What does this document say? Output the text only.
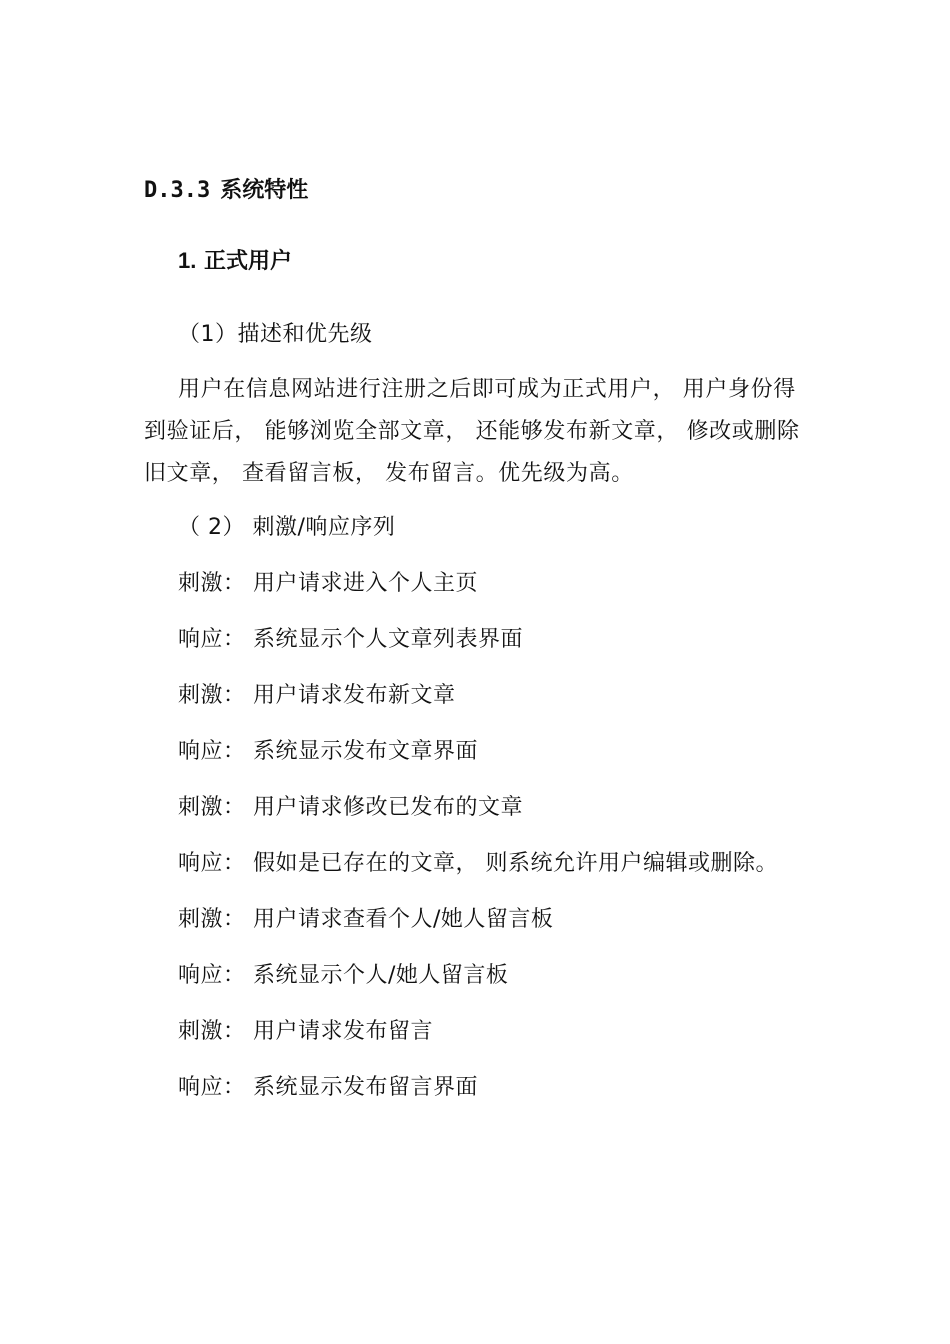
D.3.3 系统特性
1. 正式用户
（1）描述和优先级
用户在信息网站进行注册之后即可成为正式用户， 用户身份得到验证后， 能够浏览全部文章， 还能够发布新文章， 修改或删除旧文章， 查看留言板， 发布留言。优先级为高。
（ 2） 刺激/响应序列
刺激： 用户请求进入个人主页
响应： 系统显示个人文章列表界面
刺激： 用户请求发布新文章
响应： 系统显示发布文章界面
刺激： 用户请求修改已发布的文章
响应： 假如是已存在的文章， 则系统允许用户编辑或删除。
刺激： 用户请求查看个人/她人留言板
响应： 系统显示个人/她人留言板
刺激： 用户请求发布留言
响应： 系统显示发布留言界面
